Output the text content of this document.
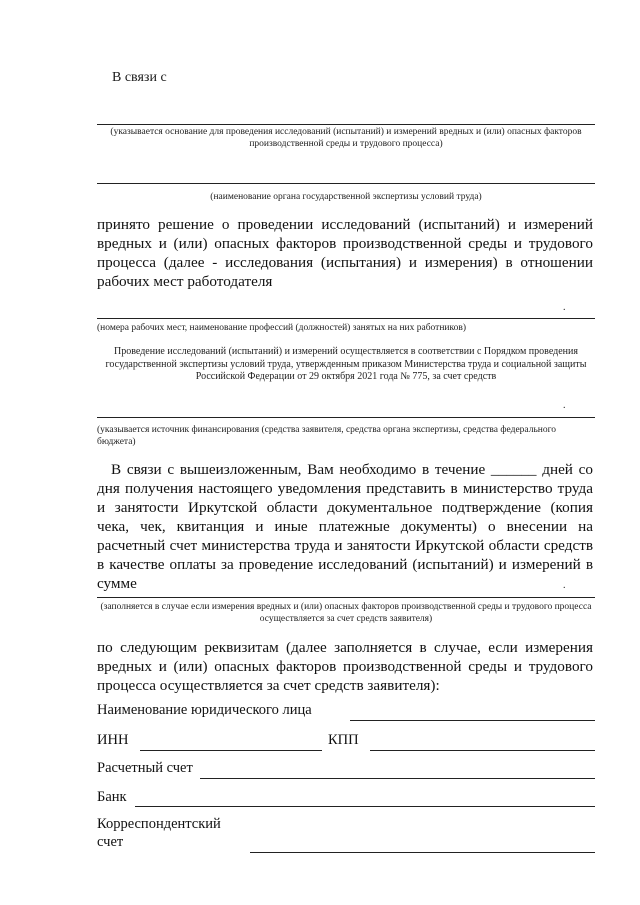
В связи с
(указывается основание для проведения исследований (испытаний) и измерений вредных и (или) опасных факторов производственной среды и трудового процесса)
(наименование органа государственной экспертизы условий труда)
принято решение о проведении исследований (испытаний) и измерений вредных и (или) опасных факторов производственной среды и трудового процесса (далее - исследования (испытания) и измерения) в отношении рабочих мест работодателя
.
(номера рабочих мест, наименование профессий (должностей) занятых на них работников)
Проведение исследований (испытаний) и измерений осуществляется в соответствии с Порядком проведения государственной экспертизы условий труда, утвержденным приказом Министерства труда и социальной защиты Российской Федерации от 29 октября 2021 года № 775, за счет средств
.
(указывается источник финансирования (средства заявителя, средства органа экспертизы, средства федерального бюджета)
В связи с вышеизложенным, Вам необходимо в течение ______ дней со дня получения настоящего уведомления представить в министерство труда и занятости Иркутской области документальное подтверждение (копия чека, чек, квитанция и иные платежные документы) о внесении на расчетный счет министерства труда и занятости Иркутской области средств в качестве оплаты за проведение исследований (испытаний) и измерений в сумме	.
(заполняется в случае если измерения вредных и (или) опасных факторов производственной среды и трудового процесса осуществляется за счет средств заявителя)
по следующим реквизитам (далее заполняется в случае, если измерения вредных и (или) опасных факторов производственной среды и трудового процесса осуществляется за счет средств заявителя):
Наименование юридического лица
ИНН	КПП
Расчетный счет
Банк
Корреспондентский
счет
